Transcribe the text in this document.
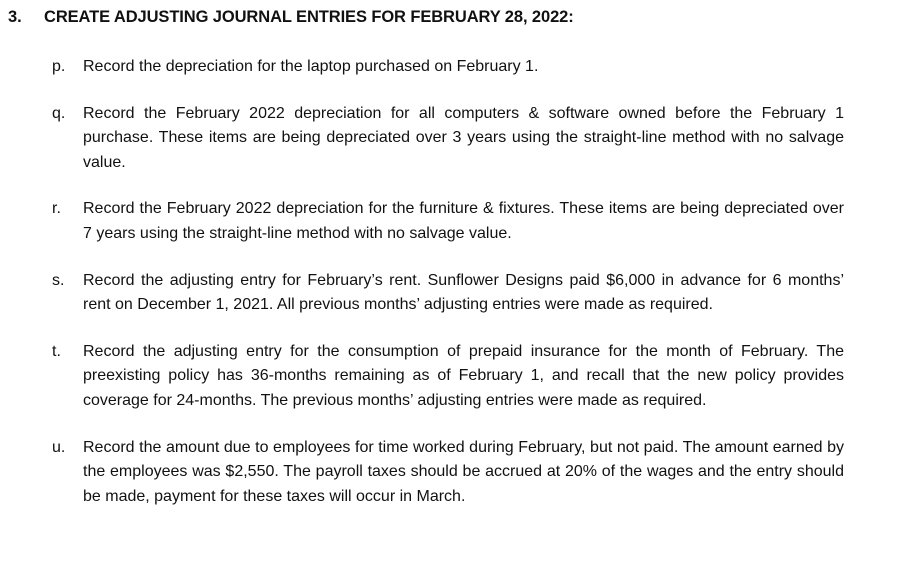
3. CREATE ADJUSTING JOURNAL ENTRIES FOR FEBRUARY 28, 2022:
p. Record the depreciation for the laptop purchased on February 1.
q. Record the February 2022 depreciation for all computers & software owned before the February 1 purchase. These items are being depreciated over 3 years using the straight-line method with no salvage value.
r. Record the February 2022 depreciation for the furniture & fixtures. These items are being depreciated over 7 years using the straight-line method with no salvage value.
s. Record the adjusting entry for February’s rent. Sunflower Designs paid $6,000 in advance for 6 months’ rent on December 1, 2021. All previous months’ adjusting entries were made as required.
t. Record the adjusting entry for the consumption of prepaid insurance for the month of February. The preexisting policy has 36-months remaining as of February 1, and recall that the new policy provides coverage for 24-months. The previous months’ adjusting entries were made as required.
u. Record the amount due to employees for time worked during February, but not paid. The amount earned by the employees was $2,550. The payroll taxes should be accrued at 20% of the wages and the entry should be made, payment for these taxes will occur in March.
